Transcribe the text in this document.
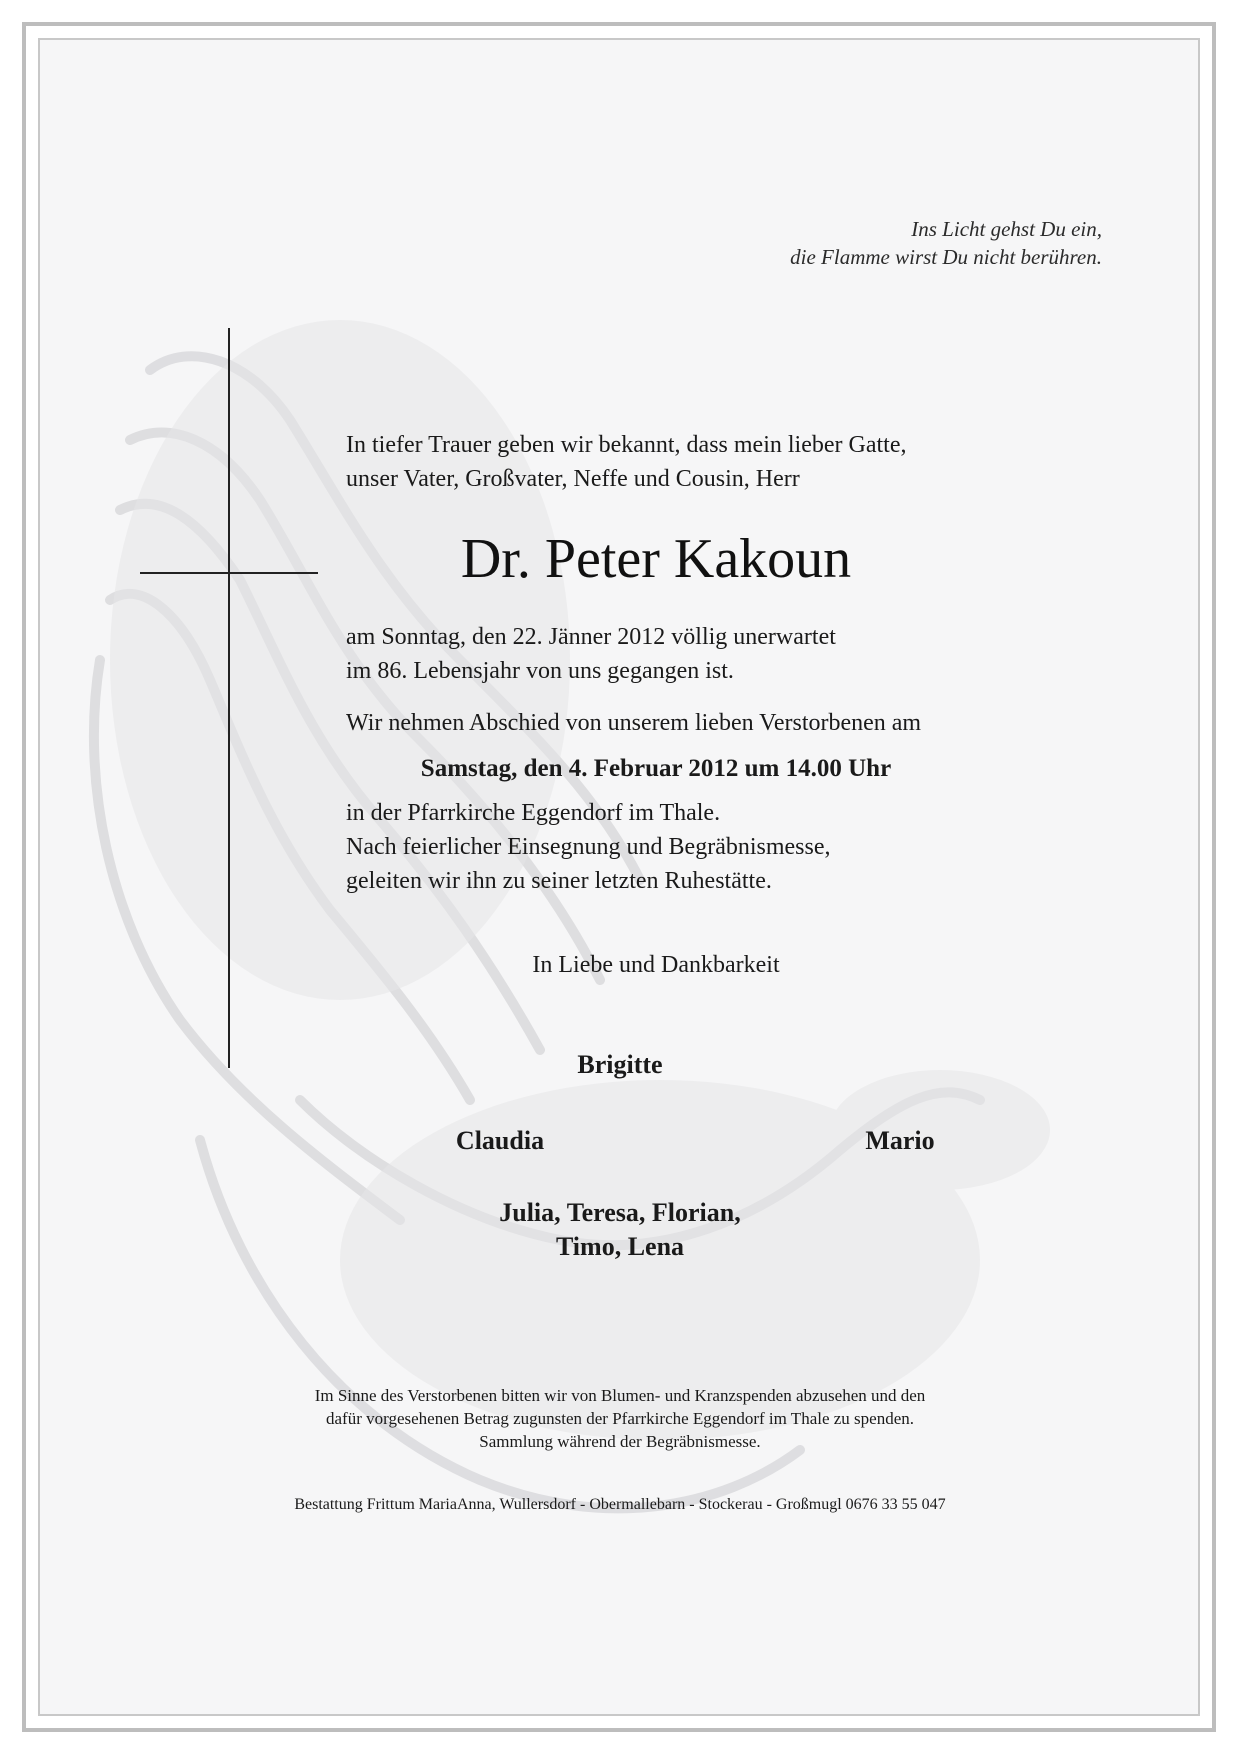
Ins Licht gehst Du ein,
die Flamme wirst Du nicht berühren.
In tiefer Trauer geben wir bekannt, dass mein lieber Gatte,
unser Vater, Großvater, Neffe und Cousin, Herr
Dr. Peter Kakoun
am Sonntag, den 22. Jänner 2012 völlig unerwartet
im 86. Lebensjahr von uns gegangen ist.
Wir nehmen Abschied von unserem lieben Verstorbenen am
Samstag, den 4. Februar 2012 um 14.00 Uhr
in der Pfarrkirche Eggendorf im Thale.
Nach feierlicher Einsegnung und Begräbnismesse,
geleiten wir ihn zu seiner letzten Ruhestätte.
In Liebe und Dankbarkeit
Brigitte
Claudia	Mario
Julia, Teresa, Florian,
Timo, Lena
Im Sinne des Verstorbenen bitten wir von Blumen- und Kranzspenden abzusehen und den
dafür vorgesehenen Betrag zugunsten der Pfarrkirche Eggendorf im Thale zu spenden.
Sammlung während der Begräbnismesse.
Bestattung Frittum MariaAnna, Wullersdorf - Obermallebarn - Stockerau - Großmugl 0676 33 55 047
